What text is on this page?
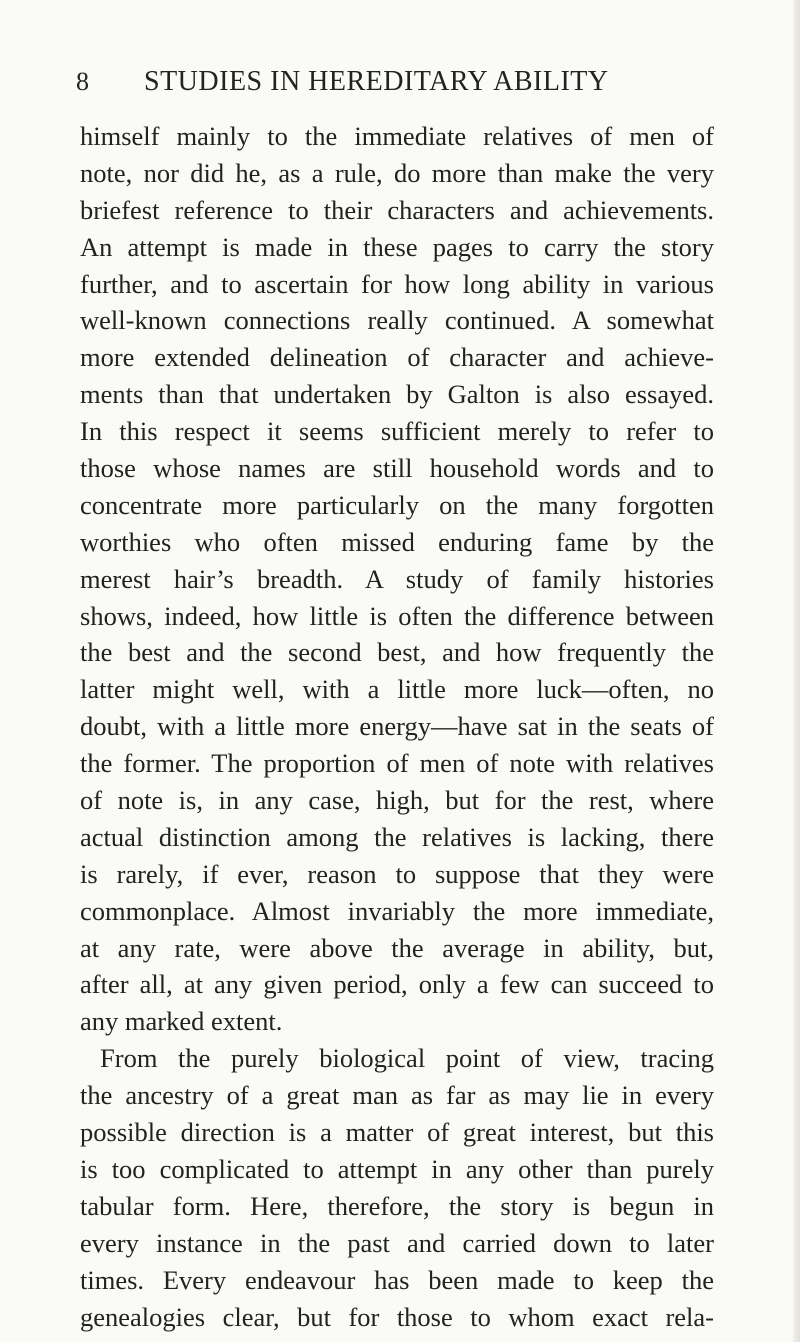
8 STUDIES IN HEREDITARY ABILITY
himself mainly to the immediate relatives of men of
note, nor did he, as a rule, do more than make the very
briefest reference to their characters and achievements.
An attempt is made in these pages to carry the story
further, and to ascertain for how long ability in various
well-known connections really continued. A somewhat
more extended delineation of character and achieve-
ments than that undertaken by Galton is also essayed.
In this respect it seems sufficient merely to refer to
those whose names are still household words and to
concentrate more particularly on the many forgotten
worthies who often missed enduring fame by the
merest hair’s breadth. A study of family histories
shows, indeed, how little is often the difference between
the best and the second best, and how frequently the
latter might well, with a little more luck—often, no
doubt, with a little more energy—have sat in the seats of
the former. The proportion of men of note with relatives
of note is, in any case, high, but for the rest, where
actual distinction among the relatives is lacking, there
is rarely, if ever, reason to suppose that they were
commonplace. Almost invariably the more immediate,
at any rate, were above the average in ability, but,
after all, at any given period, only a few can succeed to
any marked extent.
From the purely biological point of view, tracing
the ancestry of a great man as far as may lie in every
possible direction is a matter of great interest, but this
is too complicated to attempt in any other than purely
tabular form. Here, therefore, the story is begun in
every instance in the past and carried down to later
times. Every endeavour has been made to keep the
genealogies clear, but for those to whom exact rela-
